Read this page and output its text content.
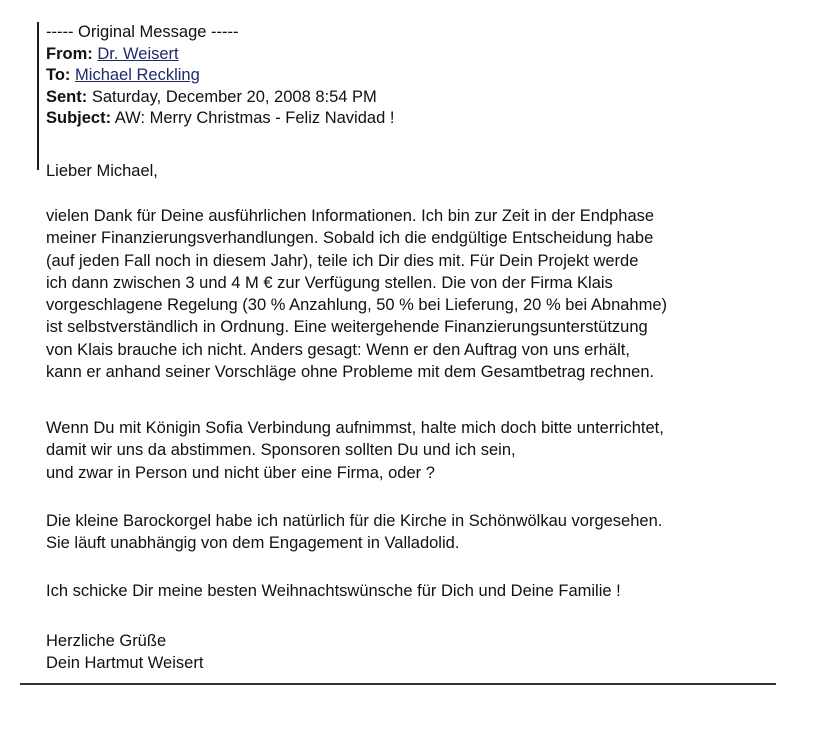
----- Original Message -----
From: Dr. Weisert
To: Michael Reckling
Sent: Saturday, December 20, 2008 8:54 PM
Subject: AW: Merry Christmas - Feliz Navidad !
Lieber Michael,
vielen Dank für Deine ausführlichen Informationen. Ich bin zur Zeit in der Endphase
meiner Finanzierungsverhandlungen. Sobald ich die endgültige Entscheidung habe
(auf jeden Fall noch in diesem Jahr), teile ich Dir dies mit. Für Dein Projekt werde
ich dann zwischen 3 und 4 M € zur Verfügung stellen. Die von der Firma Klais
vorgeschlagene Regelung (30 % Anzahlung, 50 % bei Lieferung, 20 % bei Abnahme)
ist selbstverständlich in Ordnung. Eine weitergehende Finanzierungsunterstützung
von Klais brauche ich nicht. Anders gesagt: Wenn er den Auftrag von uns erhält,
kann er anhand seiner Vorschläge ohne Probleme mit dem Gesamtbetrag rechnen.
Wenn Du mit Königin Sofia Verbindung aufnimmst, halte mich doch bitte unterrichtet,
damit wir uns da abstimmen. Sponsoren sollten Du und ich sein,
und zwar in Person und nicht über eine Firma, oder ?
Die kleine Barockorgel habe ich natürlich für die Kirche in Schönwölkau vorgesehen.
Sie läuft unabhängig von dem Engagement in Valladolid.
Ich schicke Dir meine besten Weihnachtswünsche für Dich und Deine Familie !
Herzliche Grüße
Dein Hartmut Weisert
